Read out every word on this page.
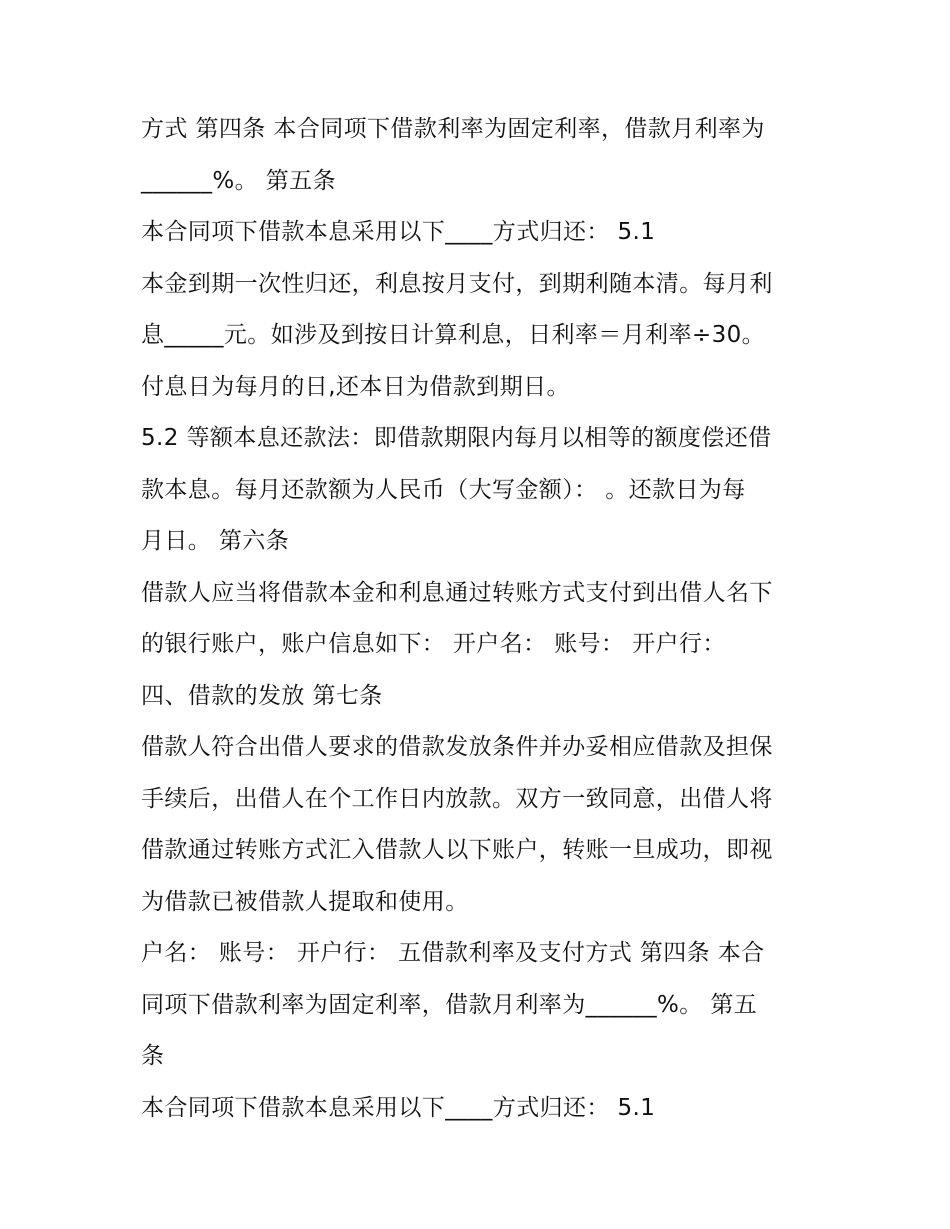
方式 第四条 本合同项下借款利率为固定利率，借款月利率为
______%。 第五条
本合同项下借款本息采用以下____方式归还： 5.1
本金到期一次性归还，利息按月支付，到期利随本清。每月利
息_____元。如涉及到按日计算利息，日利率＝月利率÷30。
付息日为每月的日,还本日为借款到期日。
5.2 等额本息还款法：即借款期限内每月以相等的额度偿还借
款本息。每月还款额为人民币（大写金额）： 。还款日为每
月日。 第六条
借款人应当将借款本金和利息通过转账方式支付到出借人名下
的银行账户，账户信息如下： 开户名： 账号： 开户行：
四、借款的发放 第七条
借款人符合出借人要求的借款发放条件并办妥相应借款及担保
手续后，出借人在个工作日内放款。双方一致同意，出借人将
借款通过转账方式汇入借款人以下账户，转账一旦成功，即视
为借款已被借款人提取和使用。
户名： 账号： 开户行： 五借款利率及支付方式 第四条 本合
同项下借款利率为固定利率，借款月利率为______%。 第五
条
本合同项下借款本息采用以下____方式归还： 5.1
